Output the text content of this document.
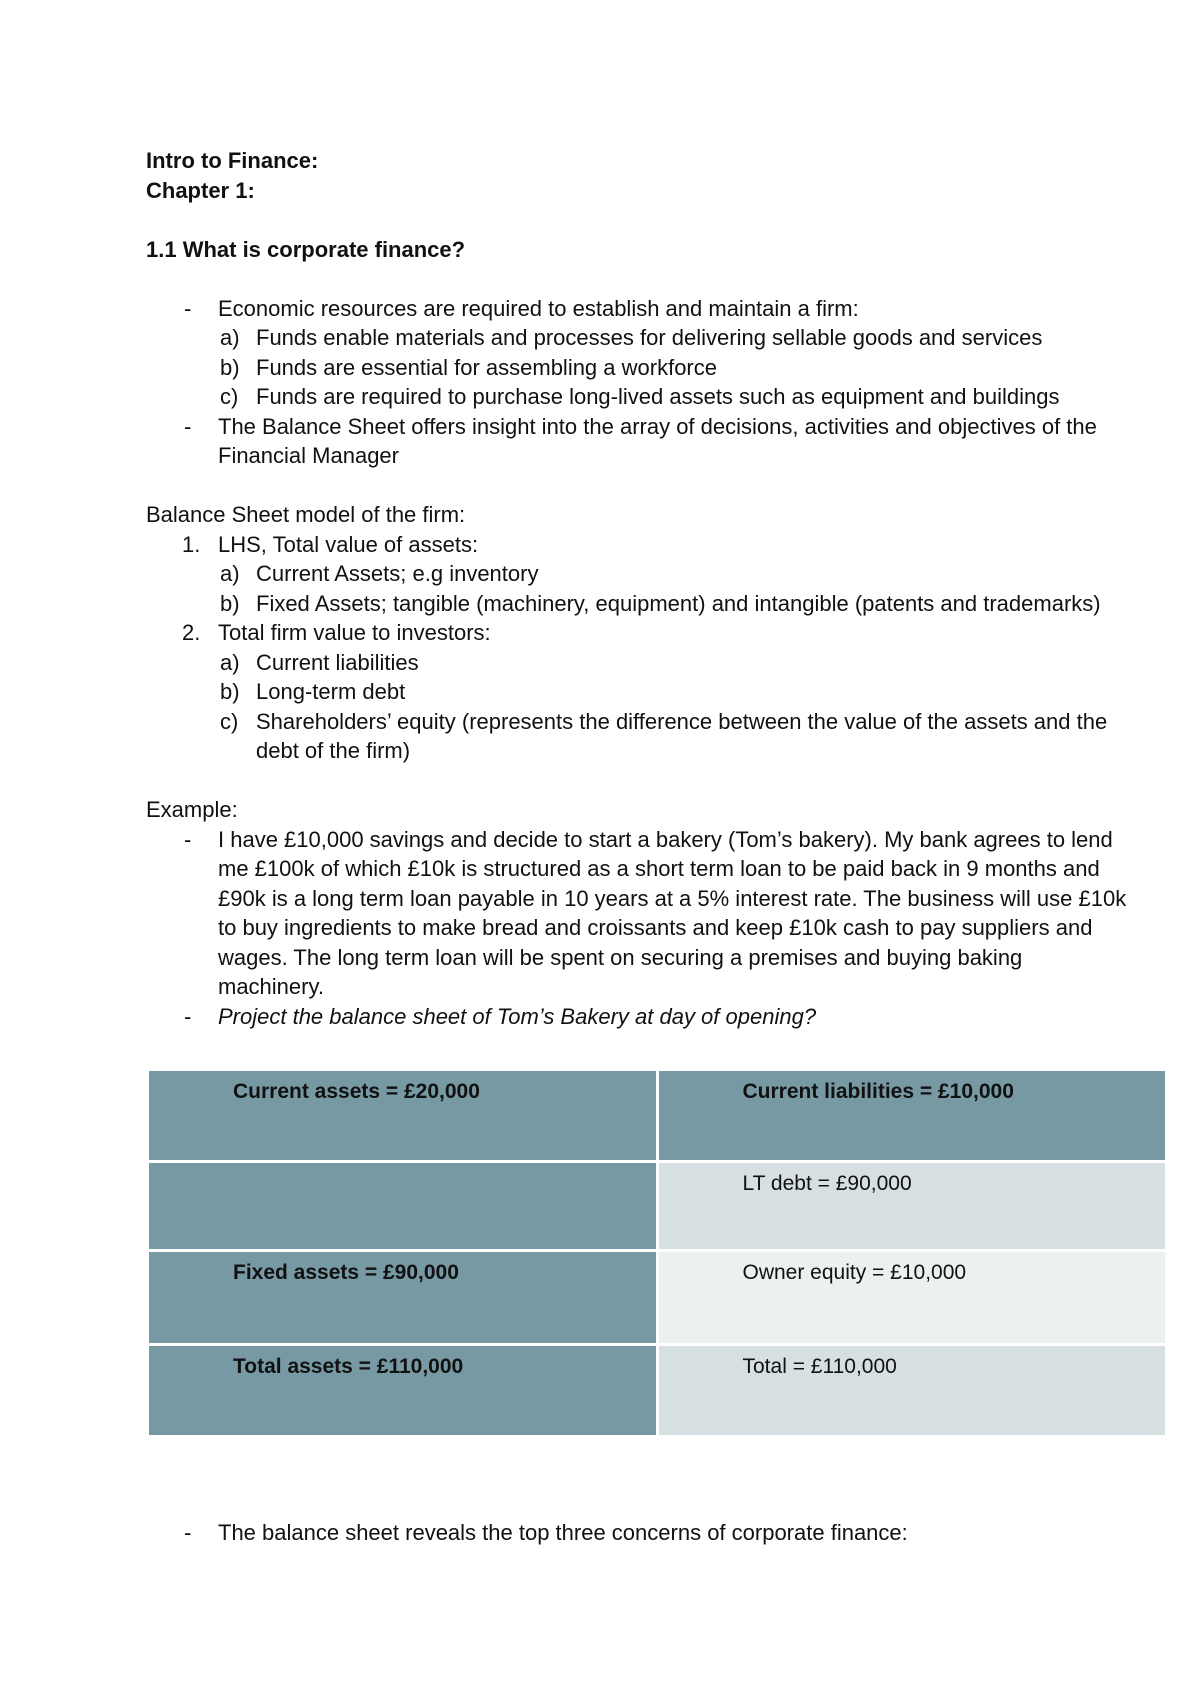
Intro to Finance:
Chapter 1:
1.1 What is corporate finance?
- Economic resources are required to establish and maintain a firm:
a) Funds enable materials and processes for delivering sellable goods and services
b) Funds are essential for assembling a workforce
c) Funds are required to purchase long-lived assets such as equipment and buildings
- The Balance Sheet offers insight into the array of decisions, activities and objectives of the Financial Manager
Balance Sheet model of the firm:
1. LHS, Total value of assets:
a) Current Assets; e.g inventory
b) Fixed Assets; tangible (machinery, equipment) and intangible (patents and trademarks)
2. Total firm value to investors:
a) Current liabilities
b) Long-term debt
c) Shareholders’ equity (represents the difference between the value of the assets and the debt of the firm)
Example:
- I have £10,000 savings and decide to start a bakery (Tom’s bakery). My bank agrees to lend me £100k of which £10k is structured as a short term loan to be paid back in 9 months and £90k is a long term loan payable in 10 years at a 5% interest rate. The business will use £10k to buy ingredients to make bread and croissants and keep £10k cash to pay suppliers and wages. The long term loan will be spent on securing a premises and buying baking machinery.
- Project the balance sheet of Tom’s Bakery at day of opening?
Current assets = £20,000	Current liabilities = £10,000
	LT debt = £90,000
Fixed assets = £90,000	Owner equity = £10,000
Total assets = £110,000	Total = £110,000
- The balance sheet reveals the top three concerns of corporate finance:
